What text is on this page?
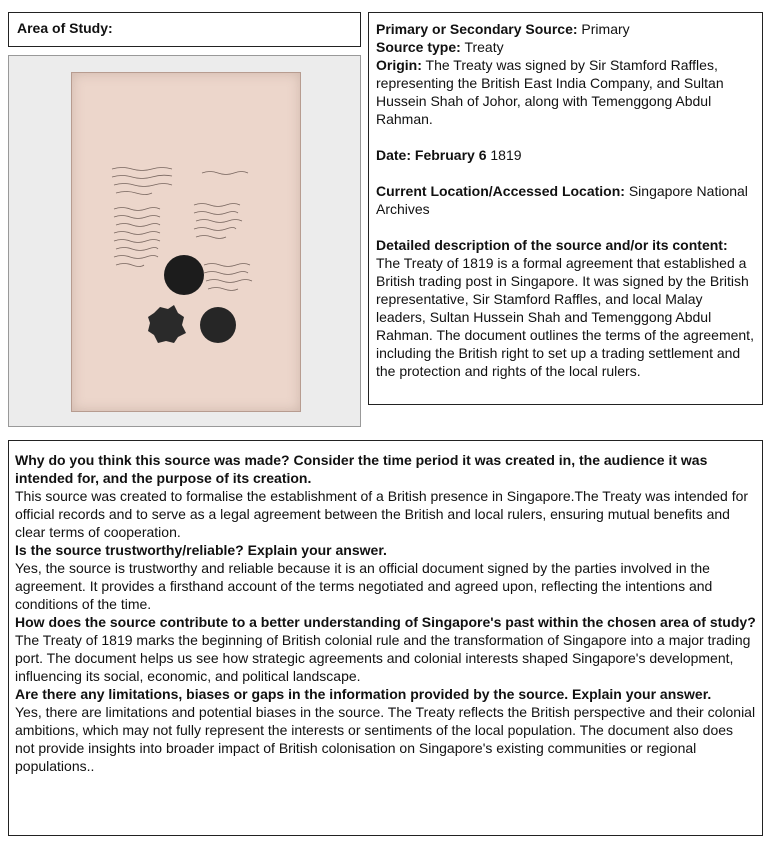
Area of Study:	Primary or Secondary Source: Primary

Source type: Treaty

Origin: The Treaty was signed by Sir Stamford Raffles, representing the British East India Company, and Sultan Hussein Shah of Johor, along with Temenggong Abdul Rahman.

Date: February 6 1819

Current Location/Accessed Location: Singapore National Archives

Detailed description of the source and/or its content:

The Treaty of 1819 is a formal agreement that established a British trading post in Singapore. It was signed by the British representative, Sir Stamford Raffles, and local Malay leaders, Sultan Hussein Shah and Temenggong Abdul Rahman. The document outlines the terms of the agreement, including the British right to set up a trading settlement and the protection and rights of the local rulers.

Why do you think this source was made? Consider the time period it was created in, the audience it was intended for, and the purpose of its creation.

This source was created to formalise the establishment of a British presence in Singapore.The Treaty was intended for official records and to serve as a legal agreement between the British and local rulers, ensuring mutual benefits and clear terms of cooperation.

Is the source trustworthy/reliable? Explain your answer.

Yes, the source is trustworthy and reliable because it is an official document signed by the parties involved in the agreement. It provides a firsthand account of the terms negotiated and agreed upon, reflecting the intentions and conditions of the time.

How does the source contribute to a better understanding of Singapore's past within the chosen area of study?

The Treaty of 1819 marks the beginning of British colonial rule and the transformation of Singapore into a major trading port. The document helps us see how strategic agreements and colonial interests shaped Singapore's development, influencing its social, economic, and political landscape.

Are there any limitations, biases or gaps in the information provided by the source. Explain your answer.

Yes, there are limitations and potential biases in the source. The Treaty reflects the British perspective and their colonial ambitions, which may not fully represent the interests or sentiments of the local population. The document also does not provide insights into broader impact of British colonisation on Singapore's existing communities or regional populations..
